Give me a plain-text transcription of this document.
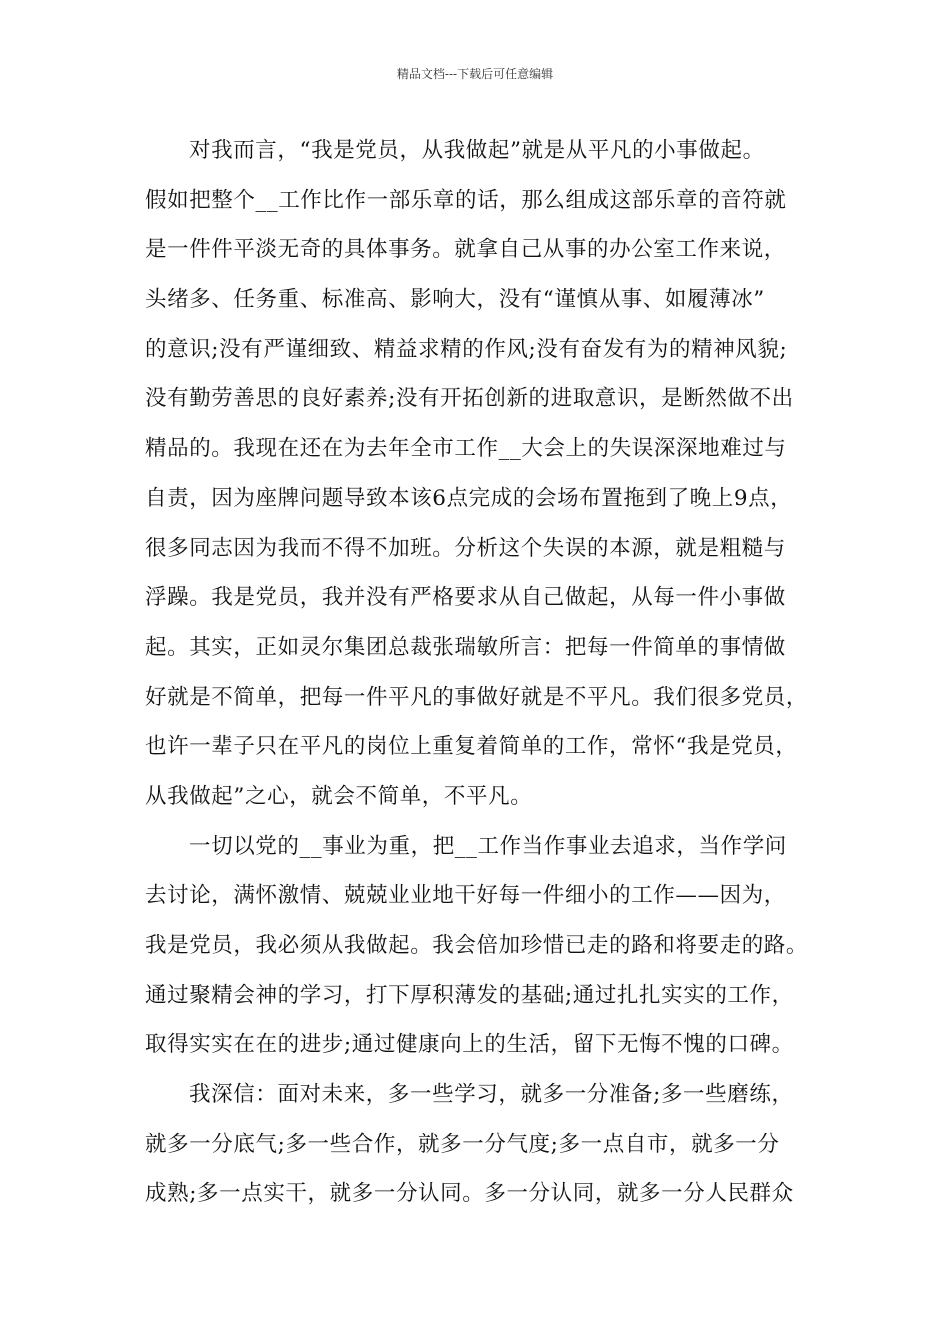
精品文档---下载后可任意编辑
对我而言，“我是党员，从我做起”就是从平凡的小事做起。
假如把整个__工作比作一部乐章的话，那么组成这部乐章的音符就
是一件件平淡无奇的具体事务。就拿自己从事的办公室工作来说，
头绪多、任务重、标准高、影响大，没有“谨慎从事、如履薄冰”
的意识;没有严谨细致、精益求精的作风;没有奋发有为的精神风貌;
没有勤劳善思的良好素养;没有开拓创新的进取意识，是断然做不出
精品的。我现在还在为去年全市工作__大会上的失误深深地难过与
自责，因为座牌问题导致本该6点完成的会场布置拖到了晚上9点，
很多同志因为我而不得不加班。分析这个失误的本源，就是粗糙与
浮躁。我是党员，我并没有严格要求从自己做起，从每一件小事做
起。其实，正如灵尔集团总裁张瑞敏所言：把每一件简单的事情做
好就是不简单，把每一件平凡的事做好就是不平凡。我们很多党员，
也许一辈子只在平凡的岗位上重复着简单的工作，常怀“我是党员，
从我做起”之心，就会不简单，不平凡。
一切以党的__事业为重，把__工作当作事业去追求，当作学问
去讨论，满怀激情、兢兢业业地干好每一件细小的工作——因为，
我是党员，我必须从我做起。我会倍加珍惜已走的路和将要走的路。
通过聚精会神的学习，打下厚积薄发的基础;通过扎扎实实的工作，
取得实实在在的进步;通过健康向上的生活，留下无悔不愧的口碑。
我深信：面对未来，多一些学习，就多一分准备;多一些磨练，
就多一分底气;多一些合作，就多一分气度;多一点自市，就多一分
成熟;多一点实干，就多一分认同。多一分认同，就多一分人民群众
